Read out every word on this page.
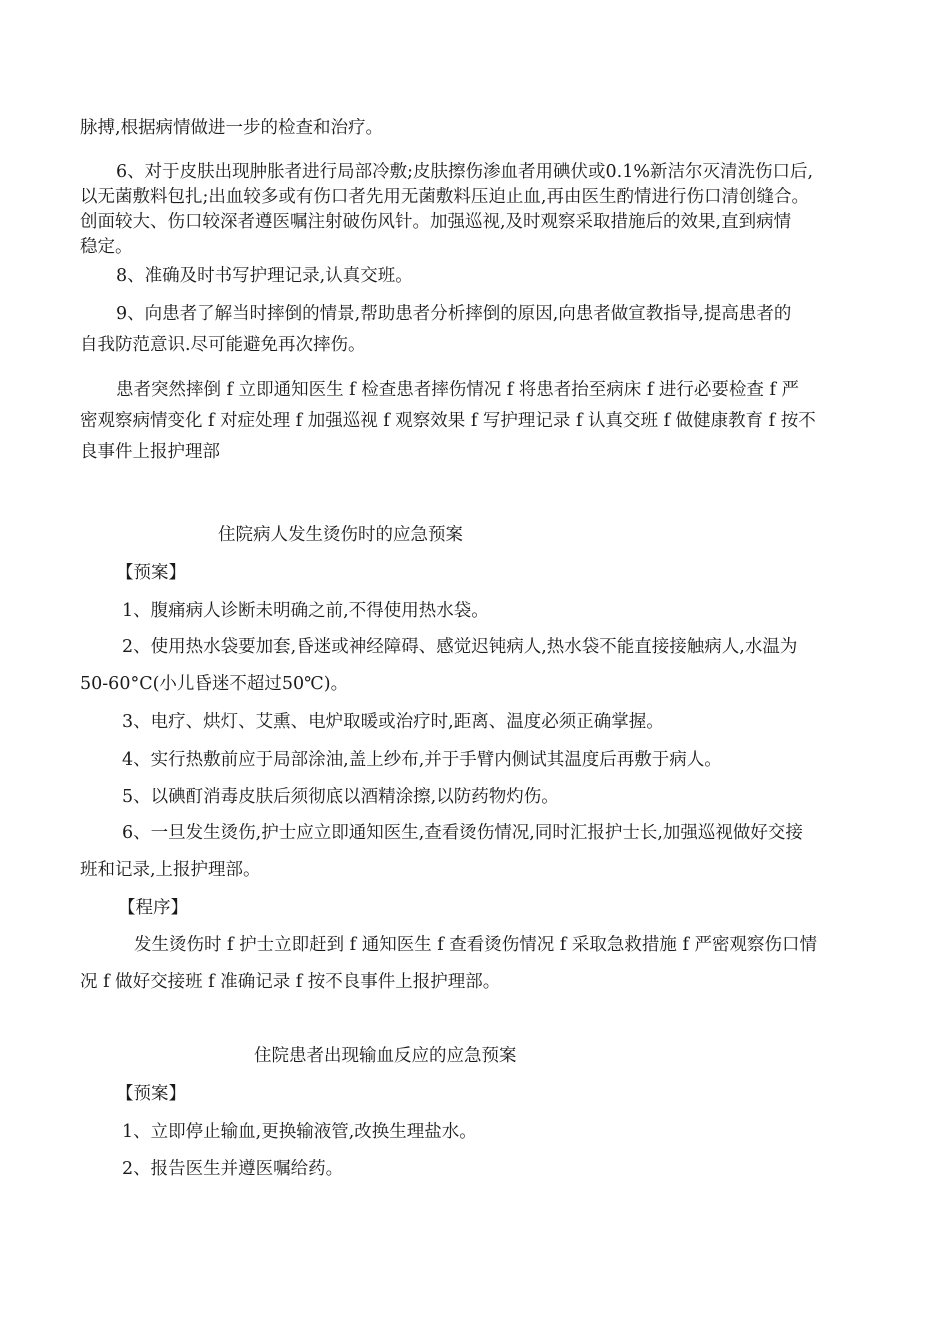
脉搏,根据病情做进一步的检查和治疗。
6、对于皮肤出现肿胀者进行局部冷敷;皮肤擦伤渗血者用碘伏或0.1%新洁尔灭清洗伤口后,
以无菌敷料包扎;出血较多或有伤口者先用无菌敷料压迫止血,再由医生酌情进行伤口清创缝合。
创面较大、伤口较深者遵医嘱注射破伤风针。加强巡视,及时观察采取措施后的效果,直到病情
稳定。
8、准确及时书写护理记录,认真交班。
9、向患者了解当时摔倒的情景,帮助患者分析摔倒的原因,向患者做宣教指导,提高患者的
自我防范意识.尽可能避免再次摔伤。
患者突然摔倒 f 立即通知医生 f 检查患者摔伤情况 f 将患者抬至病床 f 进行必要检查 f 严
密观察病情变化 f 对症处理 f 加强巡视 f 观察效果 f 写护理记录 f 认真交班 f 做健康教育 f 按不
良事件上报护理部
住院病人发生烫伤时的应急预案
【预案】
1、腹痛病人诊断未明确之前,不得使用热水袋。
2、使用热水袋要加套,昏迷或神经障碍、感觉迟钝病人,热水袋不能直接接触病人,水温为
50-60°C(小儿昏迷不超过50℃)。
3、电疗、烘灯、艾熏、电炉取暖或治疗时,距离、温度必须正确掌握。
4、实行热敷前应于局部涂油,盖上纱布,并于手臂内侧试其温度后再敷于病人。
5、以碘酊消毒皮肤后须彻底以酒精涂擦,以防药物灼伤。
6、一旦发生烫伤,护士应立即通知医生,查看烫伤情况,同时汇报护士长,加强巡视做好交接
班和记录,上报护理部。
【程序】
发生烫伤时 f 护士立即赶到 f 通知医生 f 查看烫伤情况 f 采取急救措施 f 严密观察伤口情
况 f 做好交接班 f 准确记录 f 按不良事件上报护理部。
住院患者出现输血反应的应急预案
【预案】
1、立即停止输血,更换输液管,改换生理盐水。
2、报告医生并遵医嘱给药。
